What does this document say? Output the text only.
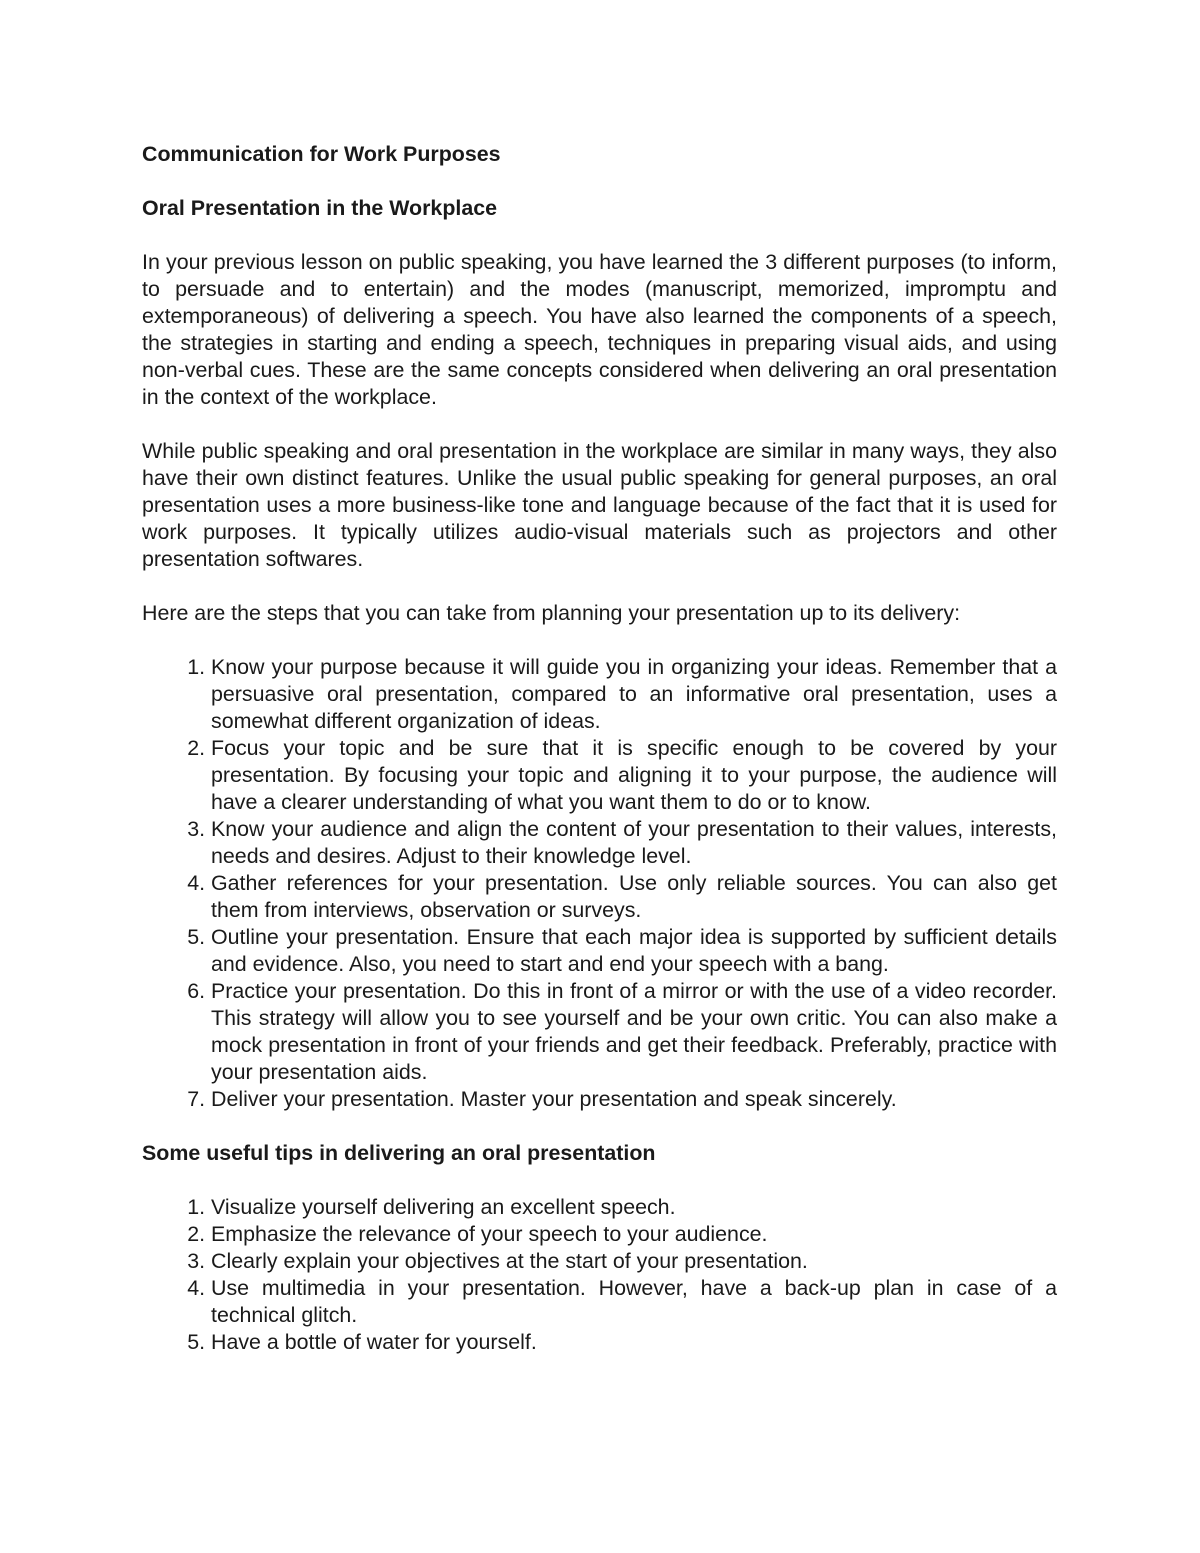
Communication for Work Purposes
Oral Presentation in the Workplace

In your previous lesson on public speaking, you have learned the 3 different purposes (to inform, to persuade and to entertain) and the modes (manuscript, memorized, impromptu and extemporaneous) of delivering a speech. You have also learned the components of a speech, the strategies in starting and ending a speech, techniques in preparing visual aids, and using non-verbal cues. These are the same concepts considered when delivering an oral presentation in the context of the workplace.

While public speaking and oral presentation in the workplace are similar in many ways, they also have their own distinct features. Unlike the usual public speaking for general purposes, an oral presentation uses a more business-like tone and language because of the fact that it is used for work purposes. It typically utilizes audio-visual materials such as projectors and other presentation softwares.

Here are the steps that you can take from planning your presentation up to its delivery:

1. Know your purpose because it will guide you in organizing your ideas. Remember that a persuasive oral presentation, compared to an informative oral presentation, uses a somewhat different organization of ideas.
2. Focus your topic and be sure that it is specific enough to be covered by your presentation. By focusing your topic and aligning it to your purpose, the audience will have a clearer understanding of what you want them to do or to know.
3. Know your audience and align the content of your presentation to their values, interests, needs and desires. Adjust to their knowledge level.
4. Gather references for your presentation. Use only reliable sources. You can also get them from interviews, observation or surveys.
5. Outline your presentation. Ensure that each major idea is supported by sufficient details and evidence. Also, you need to start and end your speech with a bang.
6. Practice your presentation. Do this in front of a mirror or with the use of a video recorder. This strategy will allow you to see yourself and be your own critic. You can also make a mock presentation in front of your friends and get their feedback. Preferably, practice with your presentation aids.
7. Deliver your presentation. Master your presentation and speak sincerely.
Some useful tips in delivering an oral presentation
1. Visualize yourself delivering an excellent speech.
2. Emphasize the relevance of your speech to your audience.
3. Clearly explain your objectives at the start of your presentation.
4. Use multimedia in your presentation. However, have a back-up plan in case of a technical glitch.
5. Have a bottle of water for yourself.
